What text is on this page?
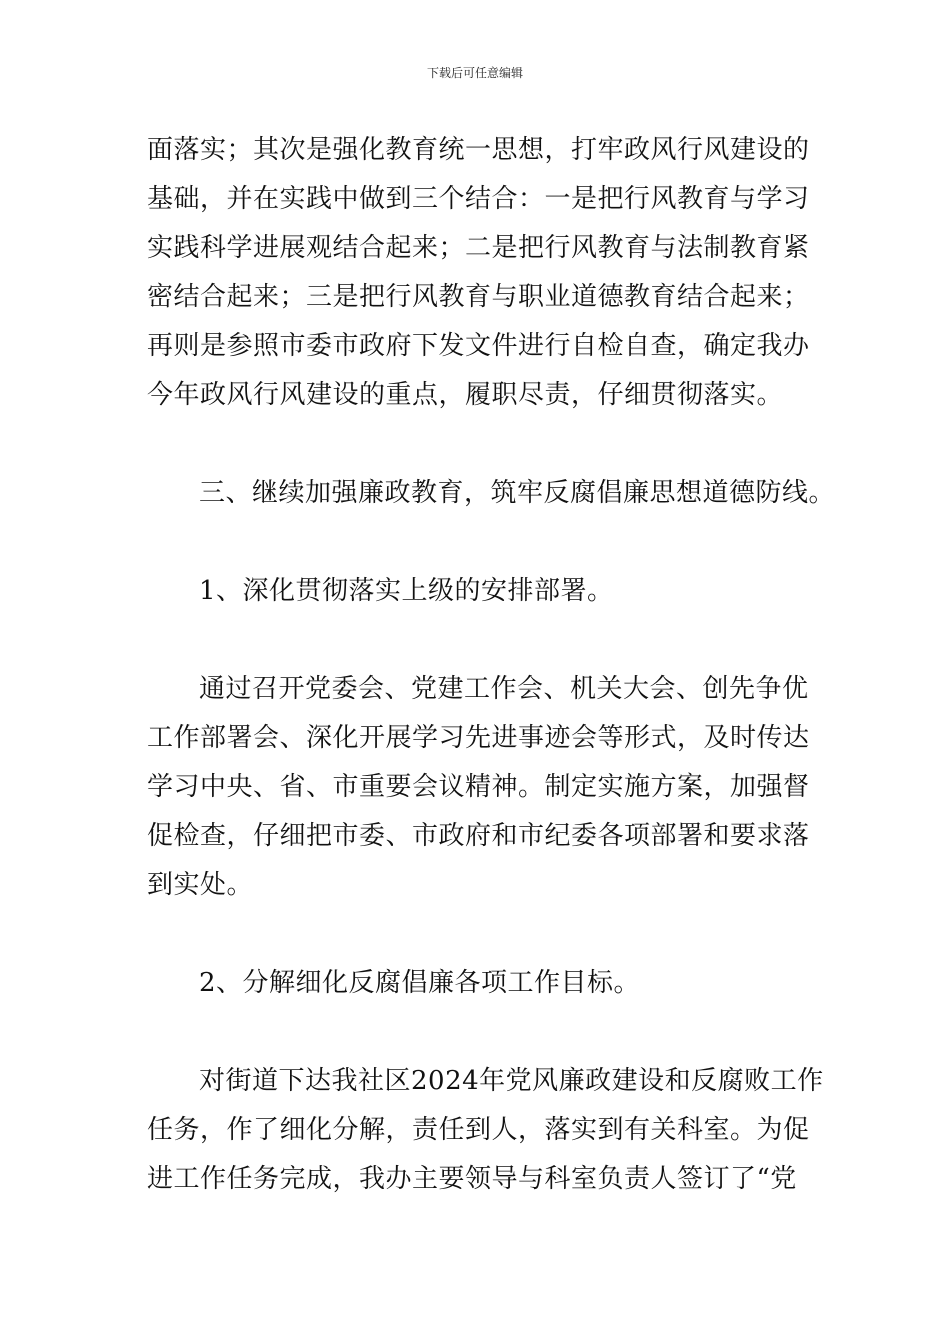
下载后可任意编辑
面落实；其次是强化教育统一思想，打牢政风行风建设的
基础，并在实践中做到三个结合：一是把行风教育与学习
实践科学进展观结合起来；二是把行风教育与法制教育紧
密结合起来；三是把行风教育与职业道德教育结合起来；
再则是参照市委市政府下发文件进行自检自查，确定我办
今年政风行风建设的重点，履职尽责，仔细贯彻落实。
三、继续加强廉政教育，筑牢反腐倡廉思想道德防线。
1、深化贯彻落实上级的安排部署。
通过召开党委会、党建工作会、机关大会、创先争优
工作部署会、深化开展学习先进事迹会等形式，及时传达
学习中央、省、市重要会议精神。制定实施方案，加强督
促检查，仔细把市委、市政府和市纪委各项部署和要求落
到实处。
2、分解细化反腐倡廉各项工作目标。
对街道下达我社区2024年党风廉政建设和反腐败工作
任务，作了细化分解，责任到人，落实到有关科室。为促
进工作任务完成，我办主要领导与科室负责人签订了“党
